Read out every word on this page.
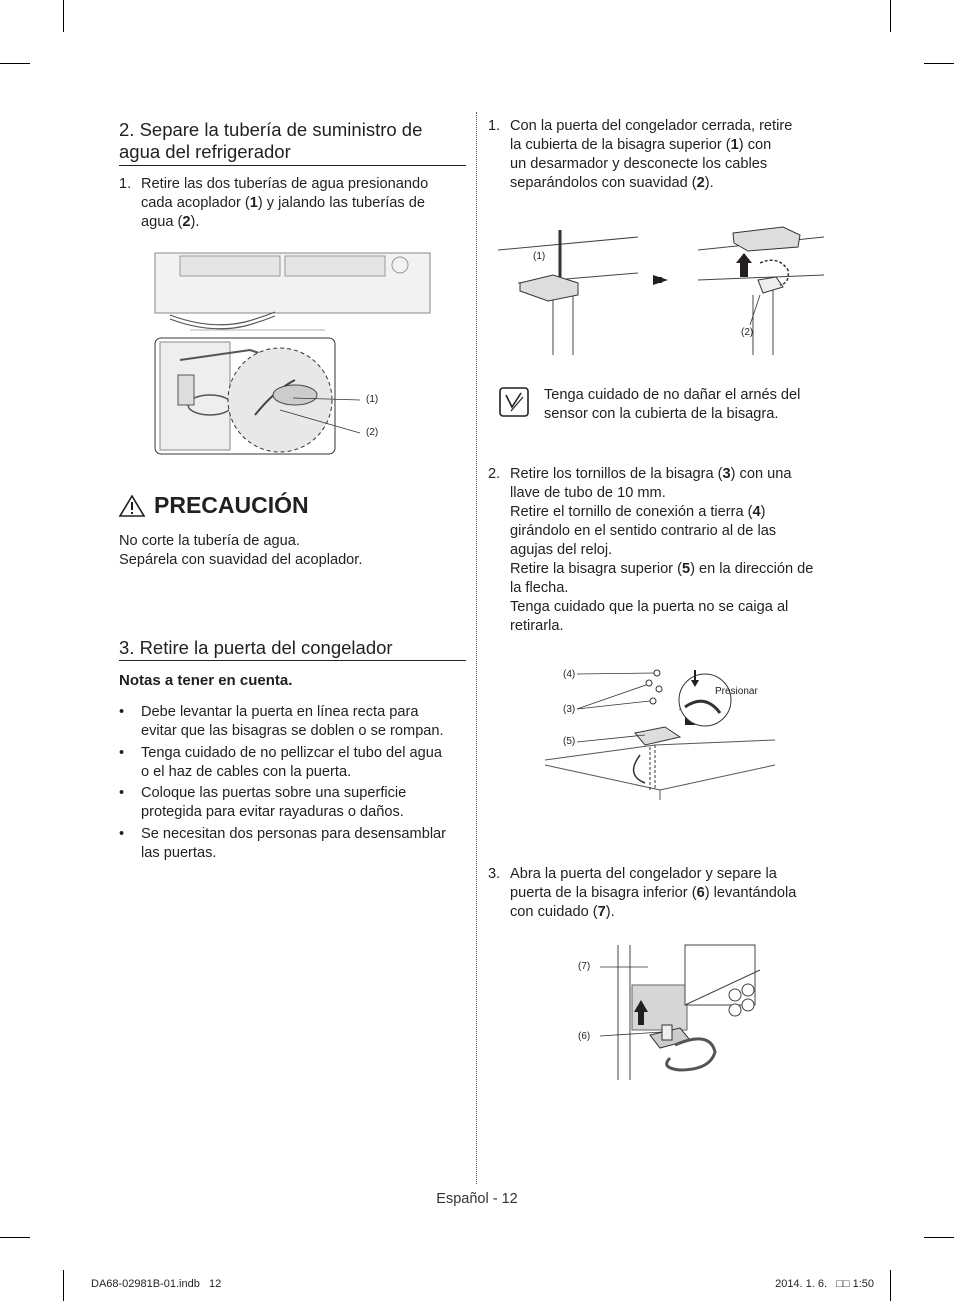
2. Separe la tubería de suministro de
agua del refrigerador
1. Retire las dos tuberías de agua presionando
cada acoplador (1) y jalando las tuberías de
agua (2).
(1)
(2)
PRECAUCIÓN
No corte la tubería de agua.
Sepárela con suavidad del acoplador.
3. Retire la puerta del congelador
Notas a tener en cuenta.
• Debe levantar la puerta en línea recta para
evitar que las bisagras se doblen o se rompan.
• Tenga cuidado de no pellizcar el tubo del agua
o el haz de cables con la puerta.
• Coloque las puertas sobre una superficie
protegida para evitar rayaduras o daños.
• Se necesitan dos personas para desensamblar
las puertas.
1. Con la puerta del congelador cerrada, retire
la cubierta de la bisagra superior (1) con
un desarmador y desconecte los cables
separándolos con suavidad (2).
(1)
(2)
Tenga cuidado de no dañar el arnés del
sensor con la cubierta de la bisagra.
2. Retire los tornillos de la bisagra (3) con una
llave de tubo de 10 mm.
Retire el tornillo de conexión a tierra (4)
girándolo en el sentido contrario al de las
agujas del reloj.
Retire la bisagra superior (5) en la dirección de
la flecha.
Tenga cuidado que la puerta no se caiga al
retirarla.
(4)
(3)
(5)
Presionar
3. Abra la puerta del congelador y separe la
puerta de la bisagra inferior (6) levantándola
con cuidado (7).
(7)
(6)
Español - 12
DA68-02981B-01.indb   12	2014. 1. 6.   □□ 1:50
